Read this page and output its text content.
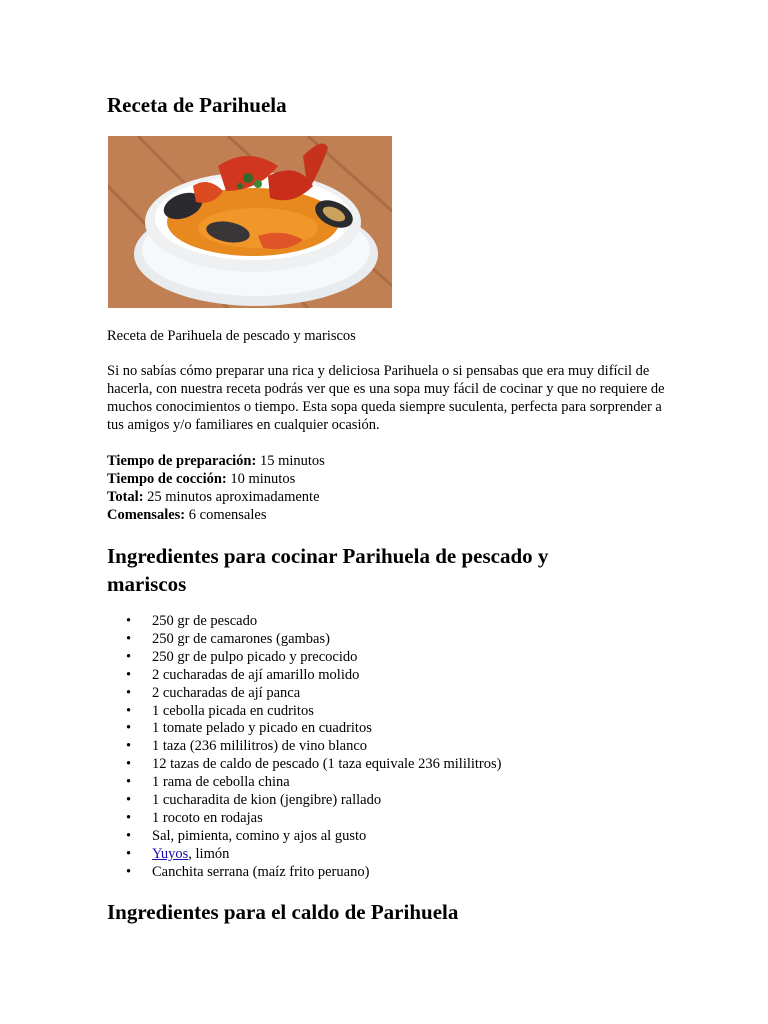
Receta de Parihuela
Receta de Parihuela de pescado y mariscos

Si no sabías cómo preparar una rica y deliciosa Parihuela o si pensabas que era muy difícil de hacerla, con nuestra receta podrás ver que es una sopa muy fácil de cocinar y que no requiere de muchos conocimientos o tiempo. Esta sopa queda siempre suculenta, perfecta para sorprender a tus amigos y/o familiares en cualquier ocasión.

Tiempo de preparación: 15 minutos
Tiempo de cocción: 10 minutos
Total: 25 minutos aproximadamente
Comensales: 6 comensales
Ingredientes para cocinar Parihuela de pescado y mariscos
• 250 gr de pescado
• 250 gr de camarones (gambas)
• 250 gr de pulpo picado y precocido
• 2 cucharadas de ají amarillo molido
• 2 cucharadas de ají panca
• 1 cebolla picada en cudritos
• 1 tomate pelado y picado en cuadritos
• 1 taza (236 mililitros) de vino blanco
• 12 tazas de caldo de pescado (1 taza equivale 236 mililitros)
• 1 rama de cebolla china
• 1 cucharadita de kion (jengibre) rallado
• 1 rocoto en rodajas
• Sal, pimienta, comino y ajos al gusto
• Yuyos, limón
• Canchita serrana (maíz frito peruano)
Ingredientes para el caldo de Parihuela
